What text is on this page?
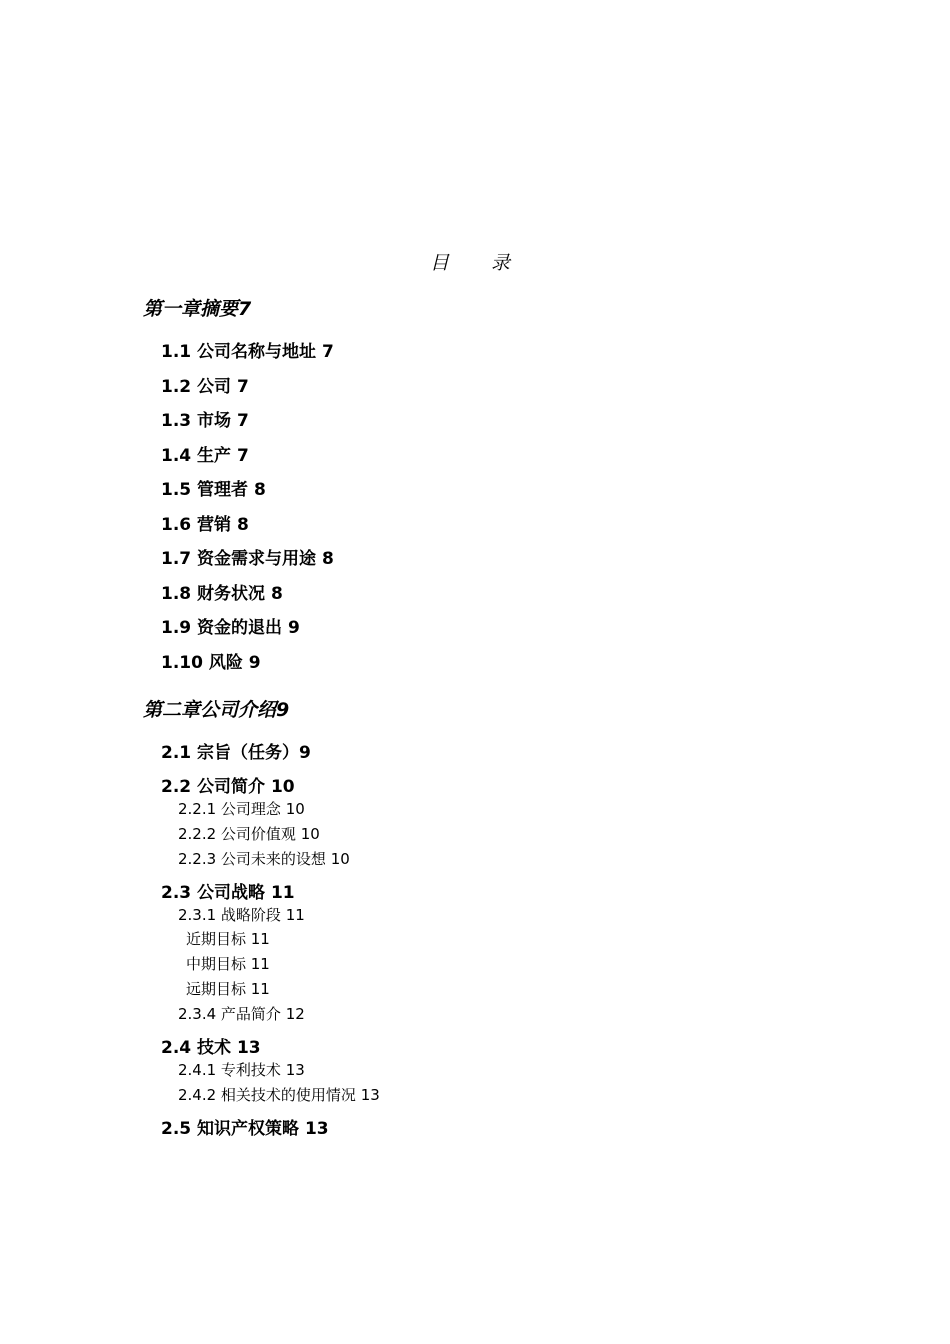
目 录
第一章摘要7
1.1 公司名称与地址 7
1.2 公司 7
1.3 市场 7
1.4 生产 7
1.5 管理者 8
1.6 营销 8
1.7 资金需求与用途 8
1.8 财务状况 8
1.9 资金的退出 9
1.10 风险 9
第二章公司介绍9
2.1 宗旨（任务）9
2.2 公司简介 10
2.2.1 公司理念 10
2.2.2 公司价值观 10
2.2.3 公司未来的设想 10
2.3 公司战略 11
2.3.1 战略阶段 11
近期目标 11
中期目标 11
远期目标 11
2.3.4 产品简介 12
2.4 技术 13
2.4.1 专利技术 13
2.4.2 相关技术的使用情况 13
2.5 知识产权策略 13
